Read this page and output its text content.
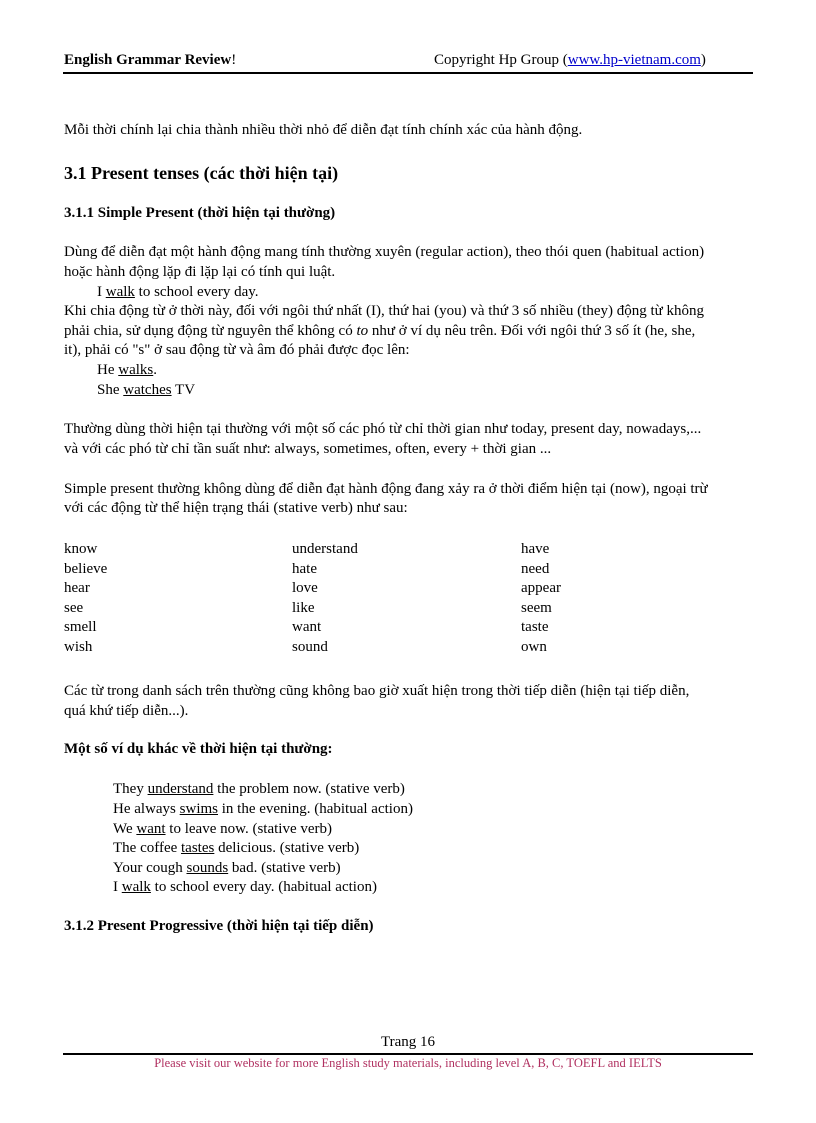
English Grammar Review!	Copyright Hp Group (www.hp-vietnam.com)
Mỗi thời chính lại chia thành nhiều thời nhỏ để diễn đạt tính chính xác của hành động.
3.1 Present tenses (các thời hiện tại)
3.1.1 Simple Present (thời hiện tại thường)
Dùng để diễn đạt một hành động mang tính thường xuyên (regular action), theo thói quen (habitual action)
hoặc hành động lặp đi lặp lại có tính qui luật.
I walk to school every day.
Khi chia động từ ở thời này, đối với ngôi thứ nhất (I), thứ hai (you) và thứ 3 số nhiều (they) động từ không
phải chia, sử dụng động từ nguyên thể không có to như ở ví dụ nêu trên. Đối với ngôi thứ 3 số ít (he, she,
it), phải có "s" ở sau động từ và âm đó phải được đọc lên:
He walks.
She watches TV
Thường dùng thời hiện tại thường với một số các phó từ chỉ thời gian như today, present day, nowadays,...
và với các phó từ chỉ tần suất như: always, sometimes, often, every + thời gian ...
Simple present thường không dùng để diễn đạt hành động đang xảy ra ở thời điểm hiện tại (now), ngoại trừ
với các động từ thể hiện trạng thái (stative verb) như sau:
know
believe
hear
see
smell
wish
understand
hate
love
like
want
sound
have
need
appear
seem
taste
own
Các từ trong danh sách trên thường cũng không bao giờ xuất hiện trong thời tiếp diễn (hiện tại tiếp diễn,
quá khứ tiếp diễn...).
Một số ví dụ khác về thời hiện tại thường:
They understand the problem now. (stative verb)
He always swims in the evening. (habitual action)
We want to leave now. (stative verb)
The coffee tastes delicious. (stative verb)
Your cough sounds bad. (stative verb)
I walk to school every day. (habitual action)
3.1.2 Present Progressive (thời hiện tại tiếp diễn)
Trang 16
Please visit our website for more English study materials, including level A, B, C, TOEFL and IELTS
